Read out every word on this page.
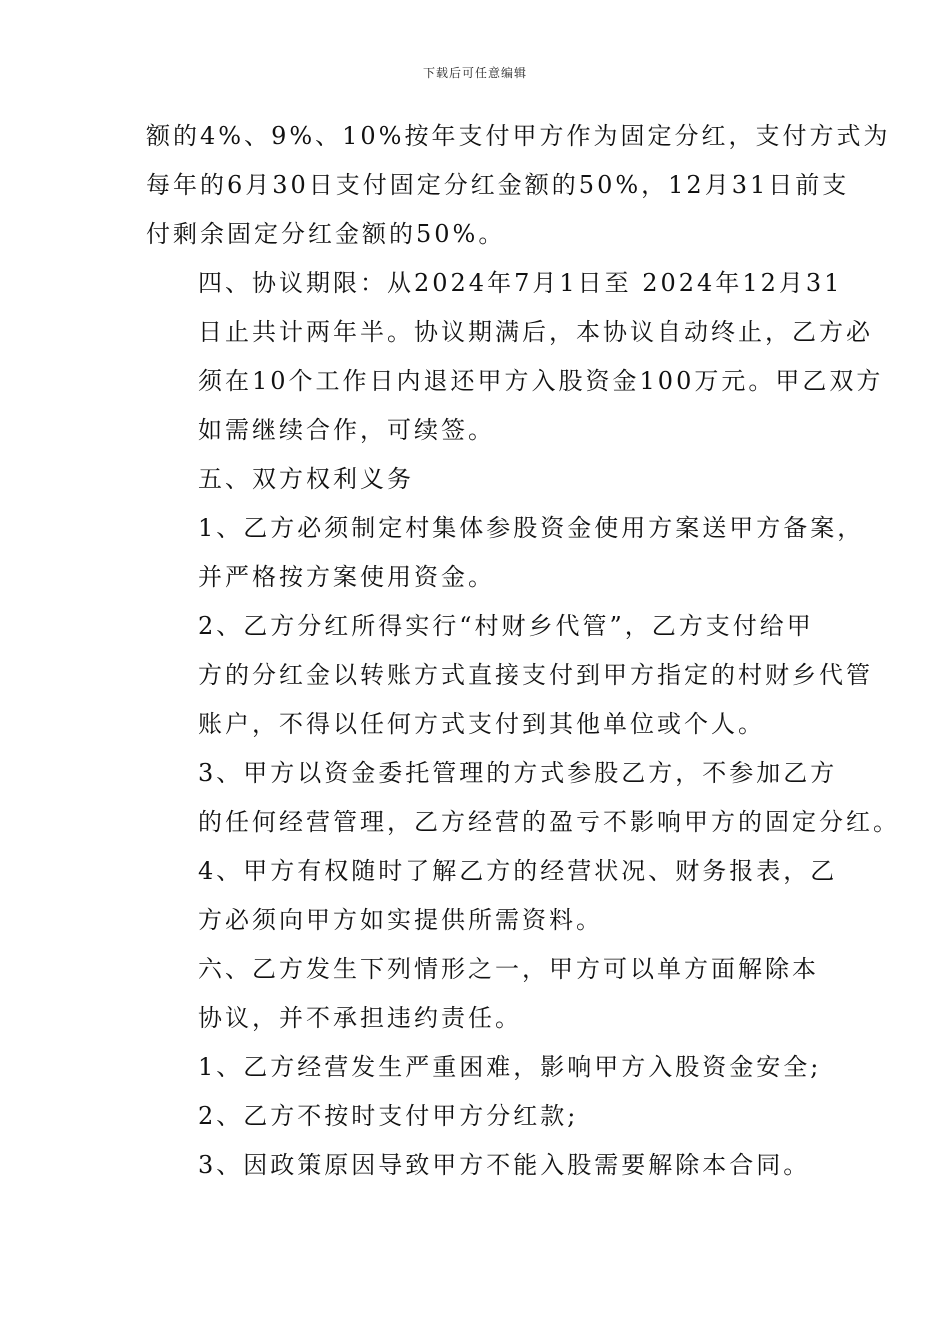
下载后可任意编辑

额的4%、9%、10%按年支付甲方作为固定分红，支付方式为
每年的6月30日支付固定分红金额的50%，12月31日前支
付剩余固定分红金额的50%。

四、协议期限：从2024年7月1日至 2024年12月31
日止共计两年半。协议期满后，本协议自动终止，乙方必
须在10个工作日内退还甲方入股资金100万元。甲乙双方
如需继续合作，可续签。

五、双方权利义务

1、乙方必须制定村集体参股资金使用方案送甲方备案，
并严格按方案使用资金。

2、乙方分红所得实行“村财乡代管”，乙方支付给甲
方的分红金以转账方式直接支付到甲方指定的村财乡代管
账户，不得以任何方式支付到其他单位或个人。

3、甲方以资金委托管理的方式参股乙方，不参加乙方
的任何经营管理，乙方经营的盈亏不影响甲方的固定分红。

4、甲方有权随时了解乙方的经营状况、财务报表，乙
方必须向甲方如实提供所需资料。

六、乙方发生下列情形之一，甲方可以单方面解除本
协议，并不承担违约责任。

1、乙方经营发生严重困难，影响甲方入股资金安全;

2、乙方不按时支付甲方分红款;

3、因政策原因导致甲方不能入股需要解除本合同。
